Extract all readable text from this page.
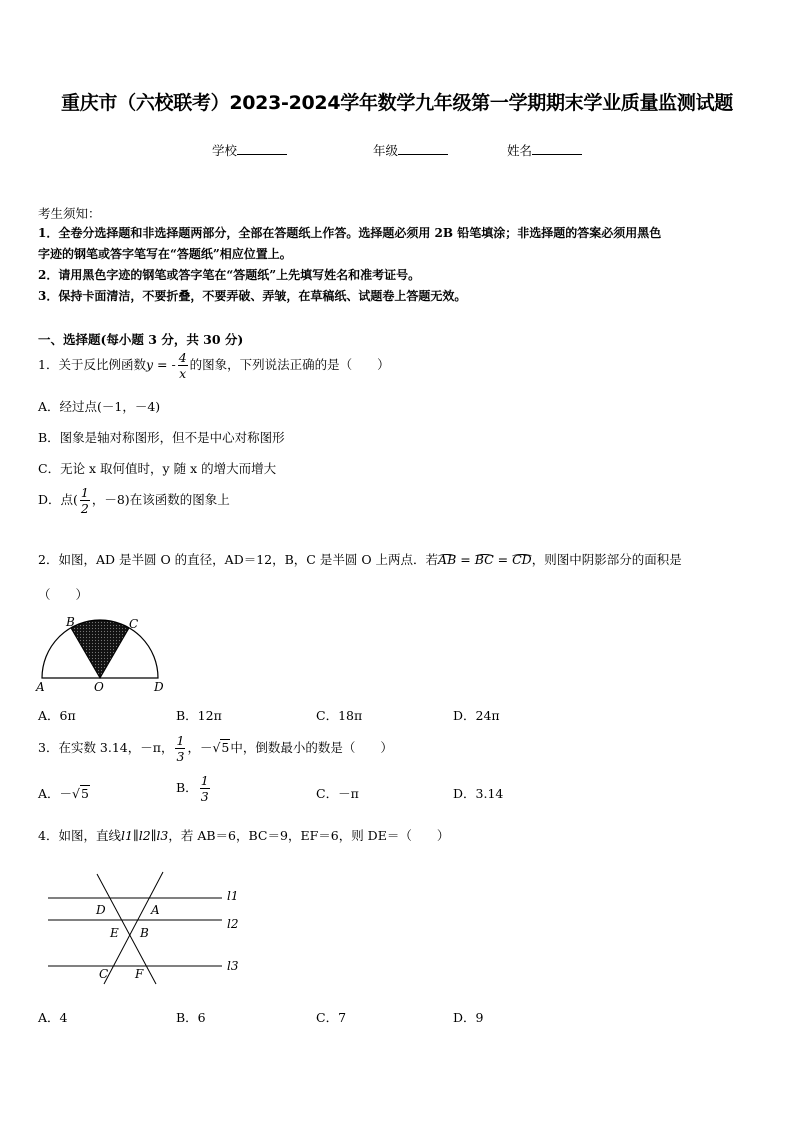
重庆市（六校联考）2023-2024学年数学九年级第一学期期末学业质量监测试题
学校	年级	姓名
考生须知：
1．全卷分选择题和非选择题两部分，全部在答题纸上作答。选择题必须用 2B 铅笔填涂；非选择题的答案必须用黑色
字迹的钢笔或答字笔写在“答题纸”相应位置上。
2．请用黑色字迹的钢笔或答字笔在“答题纸”上先填写姓名和准考证号。
3．保持卡面清洁，不要折叠，不要弄破、弄皱，在草稿纸、试题卷上答题无效。
一、选择题(每小题 3 分，共 30 分)
1．关于反比例函数y = - $\frac{4}{x}$ 的图象，下列说法正确的是（　　）
A．经过点(－1，－4)
B．图象是轴对称图形，但不是中心对称图形
C．无论 x 取何值时，y 随 x 的增大而增大
D．点( $\frac{1}{2}$ ，－8)在该函数的图象上
2．如图，AD 是半圆 O 的直径，AD＝12，B，C 是半圆 O 上两点．若AB = BC = CD，则图中阴影部分的面积是
（　　）
B	C
A	O	D
A．6π	B．12π	C．18π	D．24π
3．在实数 3.14，－π， $\frac{1}{3}$ ，－√5中，倒数最小的数是（　　）
A．－√5	B． $\frac{1}{3}$	C．－π	D．3.14
4．如图，直线l1∥l2∥l3，若 AB＝6，BC＝9，EF＝6，则 DE＝（　　）
l1
l2
l3
D	A
E B
C F
A．4	B．6	C．7	D．9
